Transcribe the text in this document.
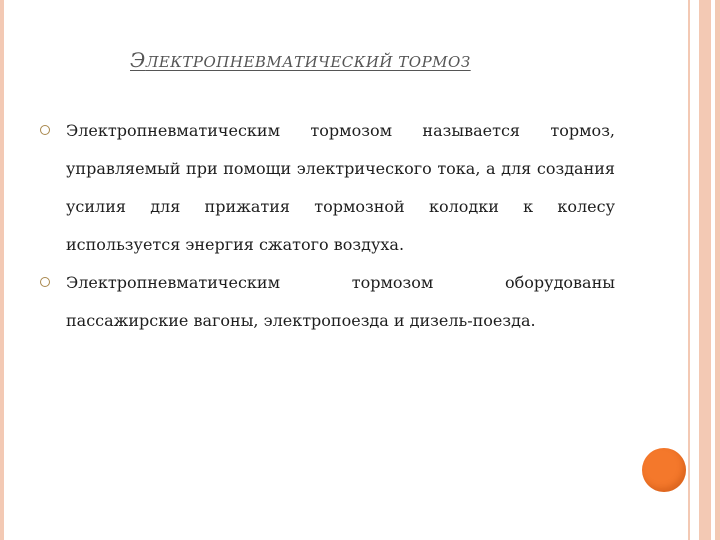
ЭЛЕКТРОПНЕВМАТИЧЕСКИЙ ТОРМОЗ
Электропневматическим тормозом называется тормоз, управляемый при помощи электрического тока, а для создания усилия для прижатия тормозной колодки к колесу используется энергия сжатого воздуха.
Электропневматическим тормозом оборудованы
пассажирские вагоны, электропоезда и дизель-поезда.
